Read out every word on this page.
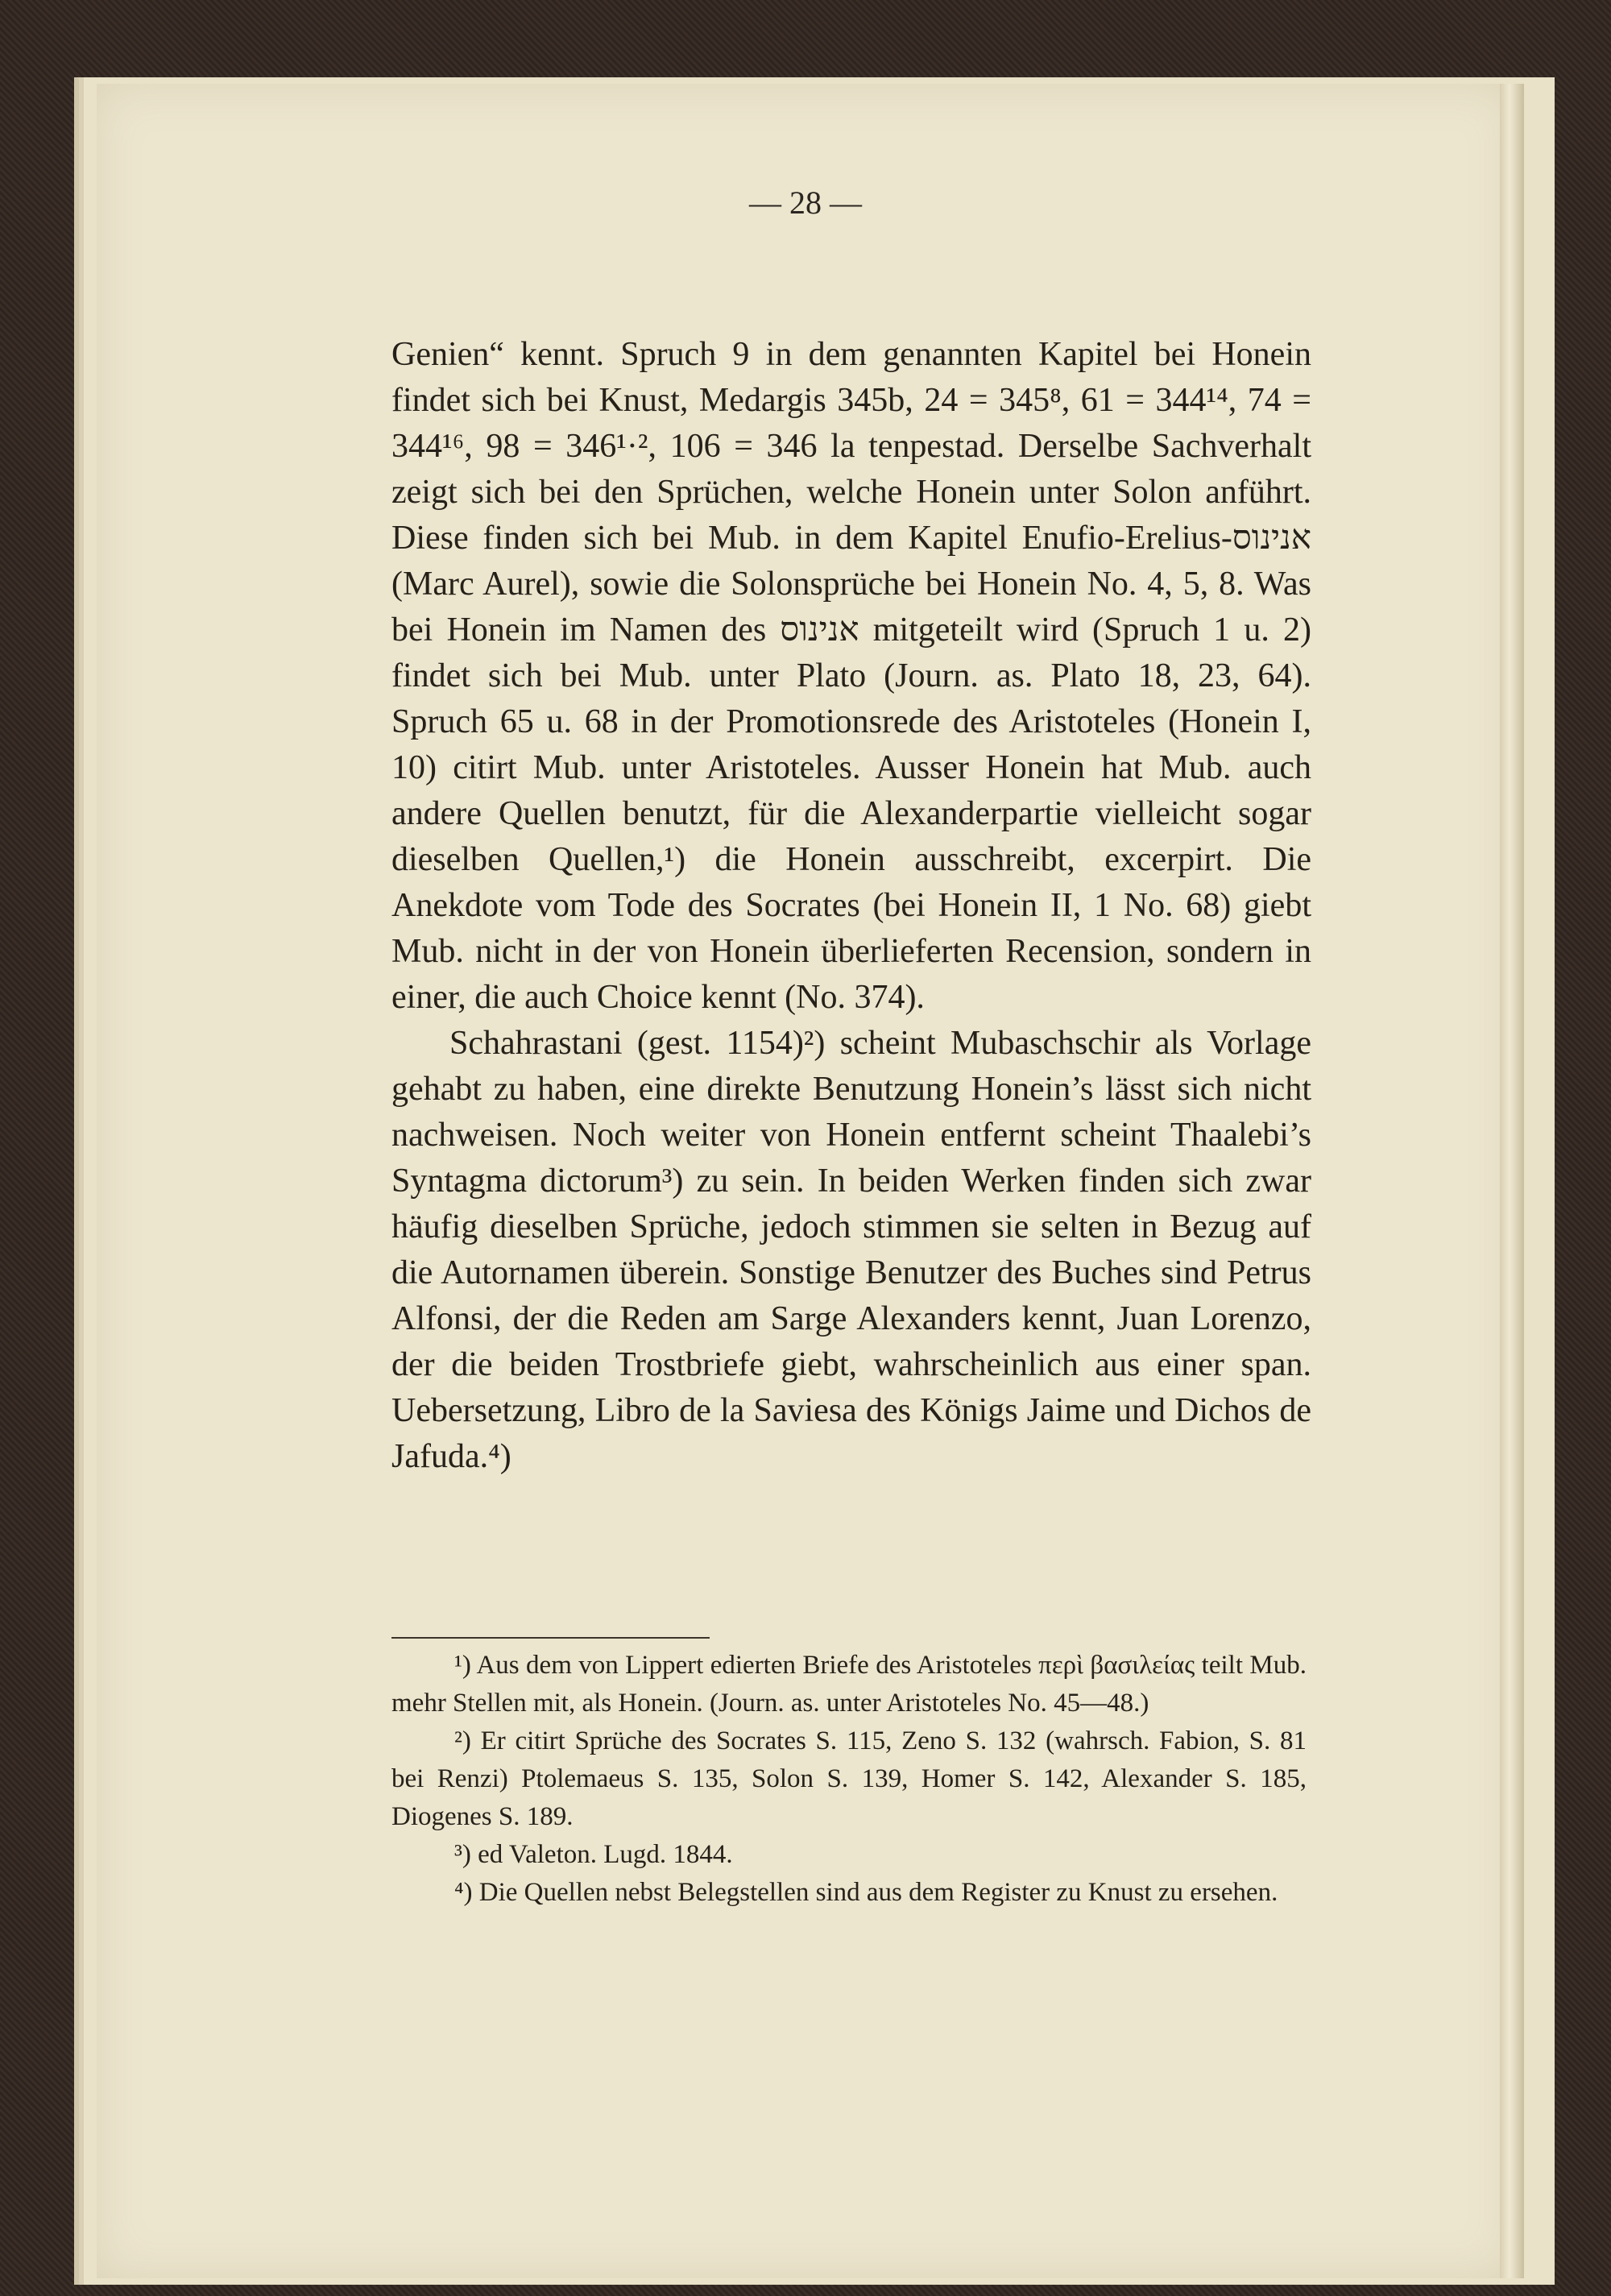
— 28 —

Genien“ kennt. Spruch 9 in dem genannten Kapitel bei Honein findet sich bei Knust, Medargis 345b, 24 = 345⁸, 61 = 344¹⁴, 74 = 344¹⁶, 98 = 346¹·², 106 = 346 la tenpestad. Derselbe Sachverhalt zeigt sich bei den Sprüchen, welche Honein unter Solon anführt. Diese finden sich bei Mub. in dem Kapitel Enufio-Erelius-אנינוס (Marc Aurel), sowie die Solonsprüche bei Honein No. 4, 5, 8. Was bei Honein im Namen des אנינוס mitgeteilt wird (Spruch 1 u. 2) findet sich bei Mub. unter Plato (Journ. as. Plato 18, 23, 64). Spruch 65 u. 68 in der Promotionsrede des Aristoteles (Honein I, 10) citirt Mub. unter Aristoteles. Ausser Honein hat Mub. auch andere Quellen benutzt, für die Alexanderpartie vielleicht sogar dieselben Quellen,¹) die Honein ausschreibt, excerpirt. Die Anekdote vom Tode des Socrates (bei Honein II, 1 No. 68) giebt Mub. nicht in der von Honein überlieferten Recension, sondern in einer, die auch Choice kennt (No. 374).

Schahrastani (gest. 1154)²) scheint Mubaschschir als Vorlage gehabt zu haben, eine direkte Benutzung Honein’s lässt sich nicht nachweisen. Noch weiter von Honein entfernt scheint Thaalebi’s Syntagma dictorum³) zu sein. In beiden Werken finden sich zwar häufig dieselben Sprüche, jedoch stimmen sie selten in Bezug auf die Autornamen überein. Sonstige Benutzer des Buches sind Petrus Alfonsi, der die Reden am Sarge Alexanders kennt, Juan Lorenzo, der die beiden Trostbriefe giebt, wahrscheinlich aus einer span. Uebersetzung, Libro de la Saviesa des Königs Jaime und Dichos de Jafuda.⁴)

¹) Aus dem von Lippert edierten Briefe des Aristoteles περὶ βασιλείας teilt Mub. mehr Stellen mit, als Honein. (Journ. as. unter Aristoteles No. 45—48.)

²) Er citirt Sprüche des Socrates S. 115, Zeno S. 132 (wahrsch. Fabion, S. 81 bei Renzi) Ptolemaeus S. 135, Solon S. 139, Homer S. 142, Alexander S. 185, Diogenes S. 189.

³) ed Valeton. Lugd. 1844.

⁴) Die Quellen nebst Belegstellen sind aus dem Register zu Knust zu ersehen.
